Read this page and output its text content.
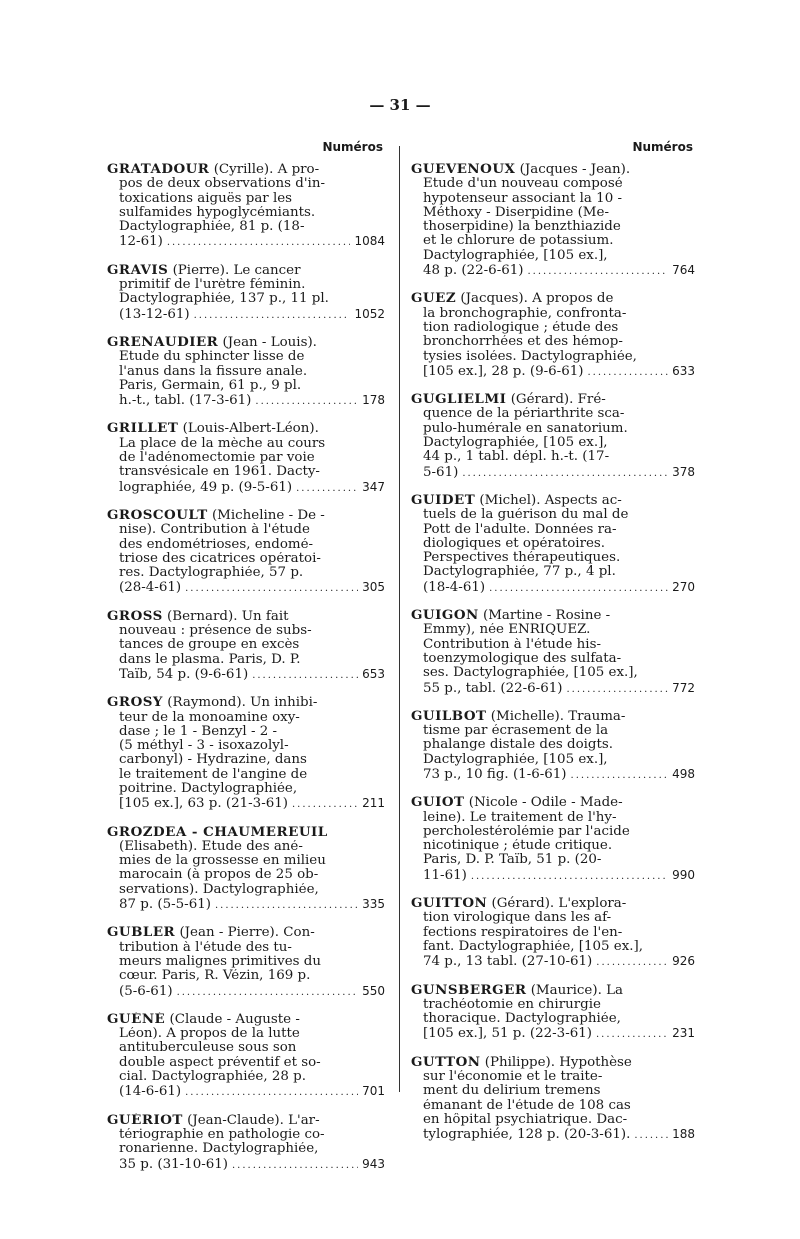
— 31 —
Numéros
GRATADOUR (Cyrille). A pro-
pos de deux observations d'in-
toxications aiguës par les
sulfamides hypoglycémiants.
Dactylographiée, 81 p. (18-
12-61) .....	1084
GRAVIS (Pierre). Le cancer
primitif de l'urètre féminin.
Dactylographiée, 137 p., 11 pl.
(13-12-61) .....	1052
GRENAUDIER (Jean - Louis).
Etude du sphincter lisse de
l'anus dans la fissure anale.
Paris, Germain, 61 p., 9 pl.
h.-t., tabl. (17-3-61) .....	178
GRILLET (Louis-Albert-Léon).
La place de la mèche au cours
de l'adénomectomie par voie
transvésicale en 1961. Dacty-
lographiée, 49 p. (9-5-61) .....	347
GROSCOULT (Micheline - De -
nise). Contribution à l'étude
des endométrioses, endomé-
triose des cicatrices opératoi-
res. Dactylographiée, 57 p.
(28-4-61) .....	305
GROSS (Bernard). Un fait
nouveau : présence de subs-
tances de groupe en excès
dans le plasma. Paris, D. P.
Taïb, 54 p. (9-6-61) .....	653
GROSY (Raymond). Un inhibi-
teur de la monoamine oxy-
dase ; le 1 - Benzyl - 2 -
(5 méthyl - 3 - isoxazolyl-
carbonyl) - Hydrazine, dans
le traitement de l'angine de
poitrine. Dactylographiée,
[105 ex.], 63 p. (21-3-61) .....	211
GROZDEA - CHAUMEREUIL
(Elisabeth). Etude des ané-
mies de la grossesse en milieu
marocain (à propos de 25 ob-
servations). Dactylographiée,
87 p. (5-5-61) .....	335
GUBLER (Jean - Pierre). Con-
tribution à l'étude des tu-
meurs malignes primitives du
cœur. Paris, R. Vézin, 169 p.
(5-6-61) .....	550
GUÉNÉ (Claude - Auguste -
Léon). A propos de la lutte
antituberculeuse sous son
double aspect préventif et so-
cial. Dactylographiée, 28 p.
(14-6-61) .....	701
GUÉRIOT (Jean-Claude). L'ar-
tériographie en pathologie co-
ronarienne. Dactylographiée,
35 p. (31-10-61) .....	943
Numéros
GUEVENOUX (Jacques - Jean).
Etude d'un nouveau composé
hypotenseur associant la 10 -
Méthoxy - Diserpidine (Me-
thoserpidine) la benzthiazide
et le chlorure de potassium.
Dactylographiée, [105 ex.],
48 p. (22-6-61) .....	764
GUEZ (Jacques). A propos de
la bronchographie, confronta-
tion radiologique ; étude des
bronchorrhées et des hémop-
tysies isolées. Dactylographiée,
[105 ex.], 28 p. (9-6-61) .....	633
GUGLIELMI (Gérard). Fré-
quence de la périarthrite sca-
pulo-humérale en sanatorium.
Dactylographiée, [105 ex.],
44 p., 1 tabl. dépl. h.-t. (17-
5-61) .....	378
GUIDET (Michel). Aspects ac-
tuels de la guérison du mal de
Pott de l'adulte. Données ra-
diologiques et opératoires.
Perspectives thérapeutiques.
Dactylographiée, 77 p., 4 pl.
(18-4-61) .....	270
GUIGON (Martine - Rosine -
Emmy), née ENRIQUEZ.
Contribution à l'étude his-
toenzymologique des sulfata-
ses. Dactylographiée, [105 ex.],
55 p., tabl. (22-6-61) .....	772
GUILBOT (Michelle). Trauma-
tisme par écrasement de la
phalange distale des doigts.
Dactylographiée, [105 ex.],
73 p., 10 fig. (1-6-61) .....	498
GUIOT (Nicole - Odile - Made-
leine). Le traitement de l'hy-
percholestérolémie par l'acide
nicotinique ; étude critique.
Paris, D. P. Taïb, 51 p. (20-
11-61) .....	990
GUITTON (Gérard). L'explora-
tion virologique dans les af-
fections respiratoires de l'en-
fant. Dactylographiée, [105 ex.],
74 p., 13 tabl. (27-10-61) .....	926
GUNSBERGER (Maurice). La
trachéotomie en chirurgie
thoracique. Dactylographiée,
[105 ex.], 51 p. (22-3-61) .....	231
GUTTON (Philippe). Hypothèse
sur l'économie et le traite-
ment du delirium tremens
émanant de l'étude de 108 cas
en hôpital psychiatrique. Dac-
tylographiée, 128 p. (20-3-61). .....	188
